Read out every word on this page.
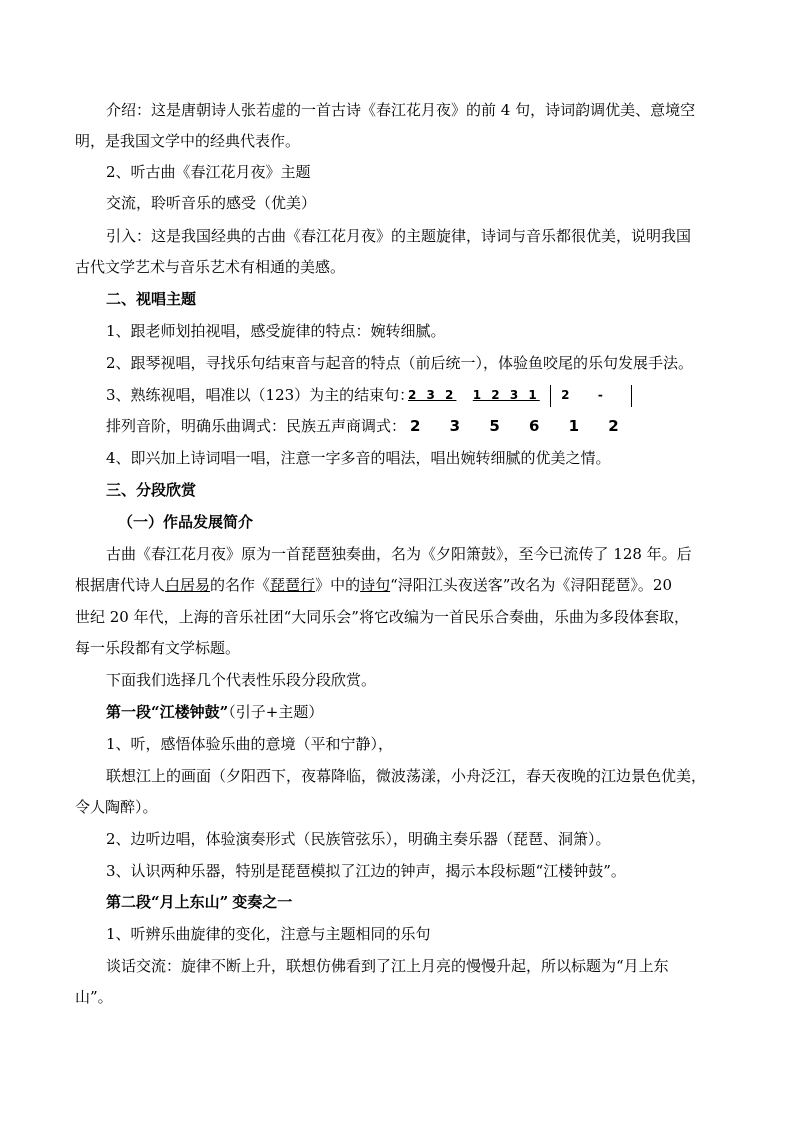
介绍：这是唐朝诗人张若虚的一首古诗《春江花月夜》的前 4 句，诗词韵调优美、意境空
明，是我国文学中的经典代表作。
2、听古曲《春江花月夜》主题
交流，聆听音乐的感受（优美）
引入：这是我国经典的古曲《春江花月夜》的主题旋律，诗词与音乐都很优美，说明我国
古代文学艺术与音乐艺术有相通的美感。
二、视唱主题
1、跟老师划拍视唱，感受旋律的特点：婉转细腻。
2、跟琴视唱，寻找乐句结束音与起音的特点（前后统一），体验鱼咬尾的乐句发展手法。
3、熟练视唱，唱准以（123）为主的结束句：
2 3 2 1 2 3 1 2 -
排列音阶，明确乐曲调式：民族五声商调式： 2 3 5 6 1 2
4、即兴加上诗词唱一唱，注意一字多音的唱法，唱出婉转细腻的优美之情。
三、分段欣赏
（一）作品发展简介
古曲《春江花月夜》原为一首琵琶独奏曲，名为《夕阳箫鼓》，至今已流传了 128 年。后
根据唐代诗人白居易的名作《琵琶行》中的诗句“浔阳江头夜送客”改名为《浔阳琵琶》。20
世纪 20 年代，上海的音乐社团“大同乐会”将它改编为一首民乐合奏曲，乐曲为多段体套取，
每一乐段都有文学标题。
下面我们选择几个代表性乐段分段欣赏。
第一段“江楼钟鼓”（引子+主题）
1、听，感悟体验乐曲的意境（平和宁静），
联想江上的画面（夕阳西下，夜幕降临，微波荡漾，小舟泛江，春天夜晚的江边景色优美，
令人陶醉）。
2、边听边唱，体验演奏形式（民族管弦乐），明确主奏乐器（琵琶、洞箫）。
3、认识两种乐器，特别是琵琶模拟了江边的钟声，揭示本段标题“江楼钟鼓”。
第二段“月上东山” 变奏之一
1、听辨乐曲旋律的变化，注意与主题相同的乐句
谈话交流：旋律不断上升，联想仿佛看到了江上月亮的慢慢升起，所以标题为“月上东
山”。
